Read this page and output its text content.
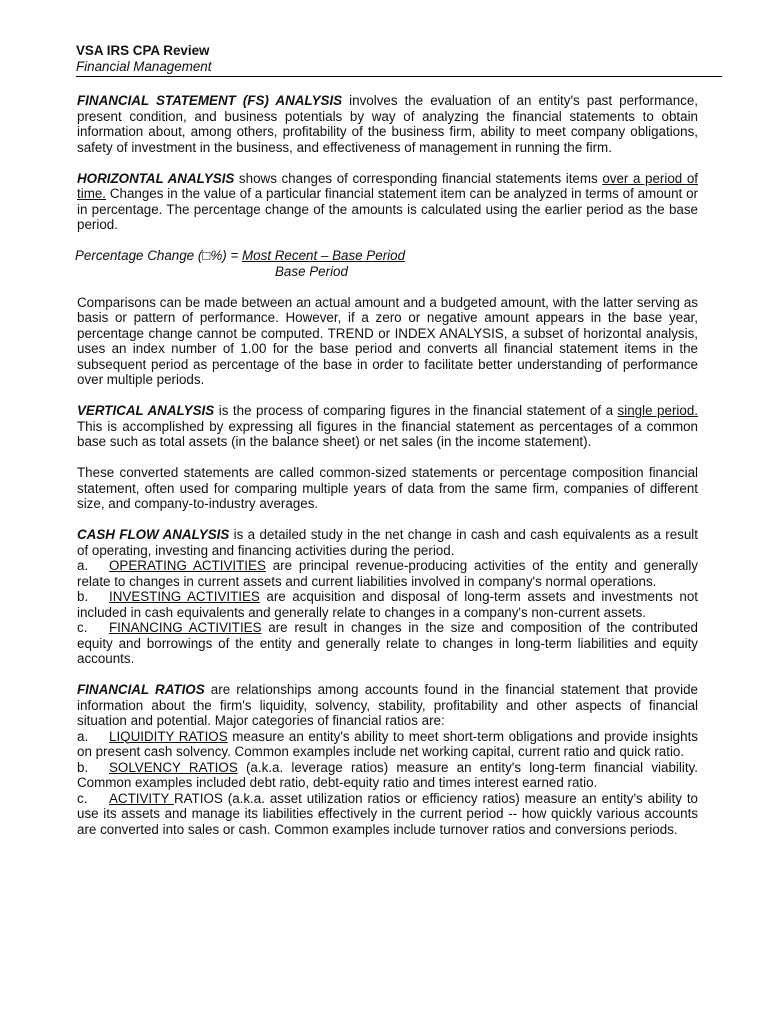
VSA IRS CPA Review
Financial Management

FINANCIAL STATEMENT (FS) ANALYSIS involves the evaluation of an entity's past performance, present condition, and business potentials by way of analyzing the financial statements to obtain information about, among others, profitability of the business firm, ability to meet company obligations, safety of investment in the business, and effectiveness of management in running the firm.

HORIZONTAL ANALYSIS shows changes of corresponding financial statements items over a period of time. Changes in the value of a particular financial statement item can be analyzed in terms of amount or in percentage. The percentage change of the amounts is calculated using the earlier period as the base period.

Percentage Change (□%) = Most Recent – Base Period
Base Period

Comparisons can be made between an actual amount and a budgeted amount, with the latter serving as basis or pattern of performance. However, if a zero or negative amount appears in the base year, percentage change cannot be computed. TREND or INDEX ANALYSIS, a subset of horizontal analysis, uses an index number of 1.00 for the base period and converts all financial statement items in the subsequent period as percentage of the base in order to facilitate better understanding of performance over multiple periods.

VERTICAL ANALYSIS is the process of comparing figures in the financial statement of a single period. This is accomplished by expressing all figures in the financial statement as percentages of a common base such as total assets (in the balance sheet) or net sales (in the income statement).

These converted statements are called common-sized statements or percentage composition financial statement, often used for comparing multiple years of data from the same firm, companies of different size, and company-to-industry averages.

CASH FLOW ANALYSIS is a detailed study in the net change in cash and cash equivalents as a result of operating, investing and financing activities during the period.

a. OPERATING ACTIVITIES are principal revenue-producing activities of the entity and generally relate to changes in current assets and current liabilities involved in company's normal operations.

b. INVESTING ACTIVITIES are acquisition and disposal of long-term assets and investments not included in cash equivalents and generally relate to changes in a company's non-current assets.

c. FINANCING ACTIVITIES are result in changes in the size and composition of the contributed equity and borrowings of the entity and generally relate to changes in long-term liabilities and equity accounts.

FINANCIAL RATIOS are relationships among accounts found in the financial statement that provide information about the firm's liquidity, solvency, stability, profitability and other aspects of financial situation and potential. Major categories of financial ratios are:

a. LIQUIDITY RATIOS measure an entity's ability to meet short-term obligations and provide insights on present cash solvency. Common examples include net working capital, current ratio and quick ratio.

b. SOLVENCY RATIOS (a.k.a. leverage ratios) measure an entity's long-term financial viability. Common examples included debt ratio, debt-equity ratio and times interest earned ratio.

c. ACTIVITY RATIOS (a.k.a. asset utilization ratios or efficiency ratios) measure an entity's ability to use its assets and manage its liabilities effectively in the current period -- how quickly various accounts are converted into sales or cash. Common examples include turnover ratios and conversions periods.
